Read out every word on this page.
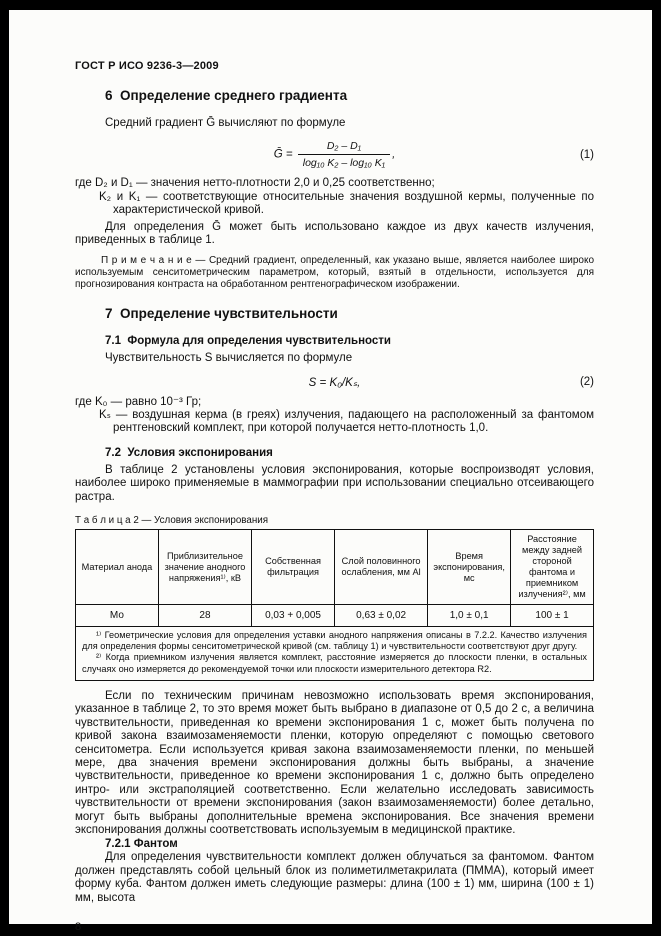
ГОСТ Р ИСО 9236-3—2009
6  Определение среднего градиента

Средний градиент Ḡ вычисляют по формуле

Ḡ = $\frac{\text{D₂ – D₁}}{\text{log₁₀ K₂ – log₁₀ K₁}}$ ,	(1)

где D₂ и D₁ — значения нетто-плотности 2,0 и 0,25 соответственно;

K₂ и K₁ — соответствующие относительные значения воздушной кермы, полученные по характеристической кривой.

Для определения Ḡ может быть использовано каждое из двух качеств излучения, приведенных в таблице 1.

П р и м е ч а н и е — Средний градиент, определенный, как указано выше, является наиболее широко используемым сенситометрическим параметром, который, взятый в отдельности, используется для прогнозирования контраста на обработанном рентгенографическом изображении.

7  Определение чувствительности
7.1  Формула для определения чувствительности

Чувствительность S вычисляется по формуле

S = K₀/Kₛ,	(2)

где K₀ — равно 10⁻³ Гр;

Kₛ — воздушная керма (в греях) излучения, падающего на расположенный за фантомом рентгеновский комплект, при которой получается нетто-плотность 1,0.

7.2  Условия экспонирования

В таблице 2 установлены условия экспонирования, которые воспроизводят условия, наиболее широко применяемые в маммографии при использовании специально отсеивающего растра.

Т а б л и ц а 2 — Условия экспонирования
Материал анода	Приблизительное значение анодного напряжения¹⁾, кВ	Собственная фильтрация	Слой половинного ослабления, мм Al	Время экспонирования, мс	Расстояние между задней стороной фантома и приемником излучения²⁾, мм
Мо	28	0,03 + 0,005	0,63 ± 0,02	1,0 ± 0,1	100 ± 1

¹⁾ Геометрические условия для определения уставки анодного напряжения описаны в 7.2.2. Качество излучения для определения формы сенситометрической кривой (см. таблицу 1) и чувствительности соответствуют друг другу.

²⁾ Когда приемником излучения является комплект, расстояние измеряется до плоскости пленки, в остальных случаях оно измеряется до рекомендуемой точки или плоскости измерительного детектора R2.					

Если по техническим причинам невозможно использовать время экспонирования, указанное в таблице 2, то это время может быть выбрано в диапазоне от 0,5 до 2 с, а величина чувствительности, приведенная ко времени экспонирования 1 с, может быть получена по кривой закона взаимозаменяемости пленки, которую определяют с помощью светового сенситометра. Если используется кривая закона взаимозаменяемости пленки, по меньшей мере, два значения времени экспонирования должны быть выбраны, а значение чувствительности, приведенное ко времени экспонирования 1 с, должно быть определено интро- или экстраполяцией соответственно. Если желательно исследовать зависимость чувствительности от времени экспонирования (закон взаимозаменяемости) более детально, могут быть выбраны дополнительные времена экспонирования. Все значения времени экспонирования должны соответствовать используемым в медицинской практике.

7.2.1 Фантом

Для определения чувствительности комплект должен облучаться за фантомом. Фантом должен представлять собой цельный блок из полиметилметакрилата (ПММА), который имеет форму куба. Фантом должен иметь следующие размеры: длина (100 ± 1) мм, ширина (100 ± 1) мм, высота

8
